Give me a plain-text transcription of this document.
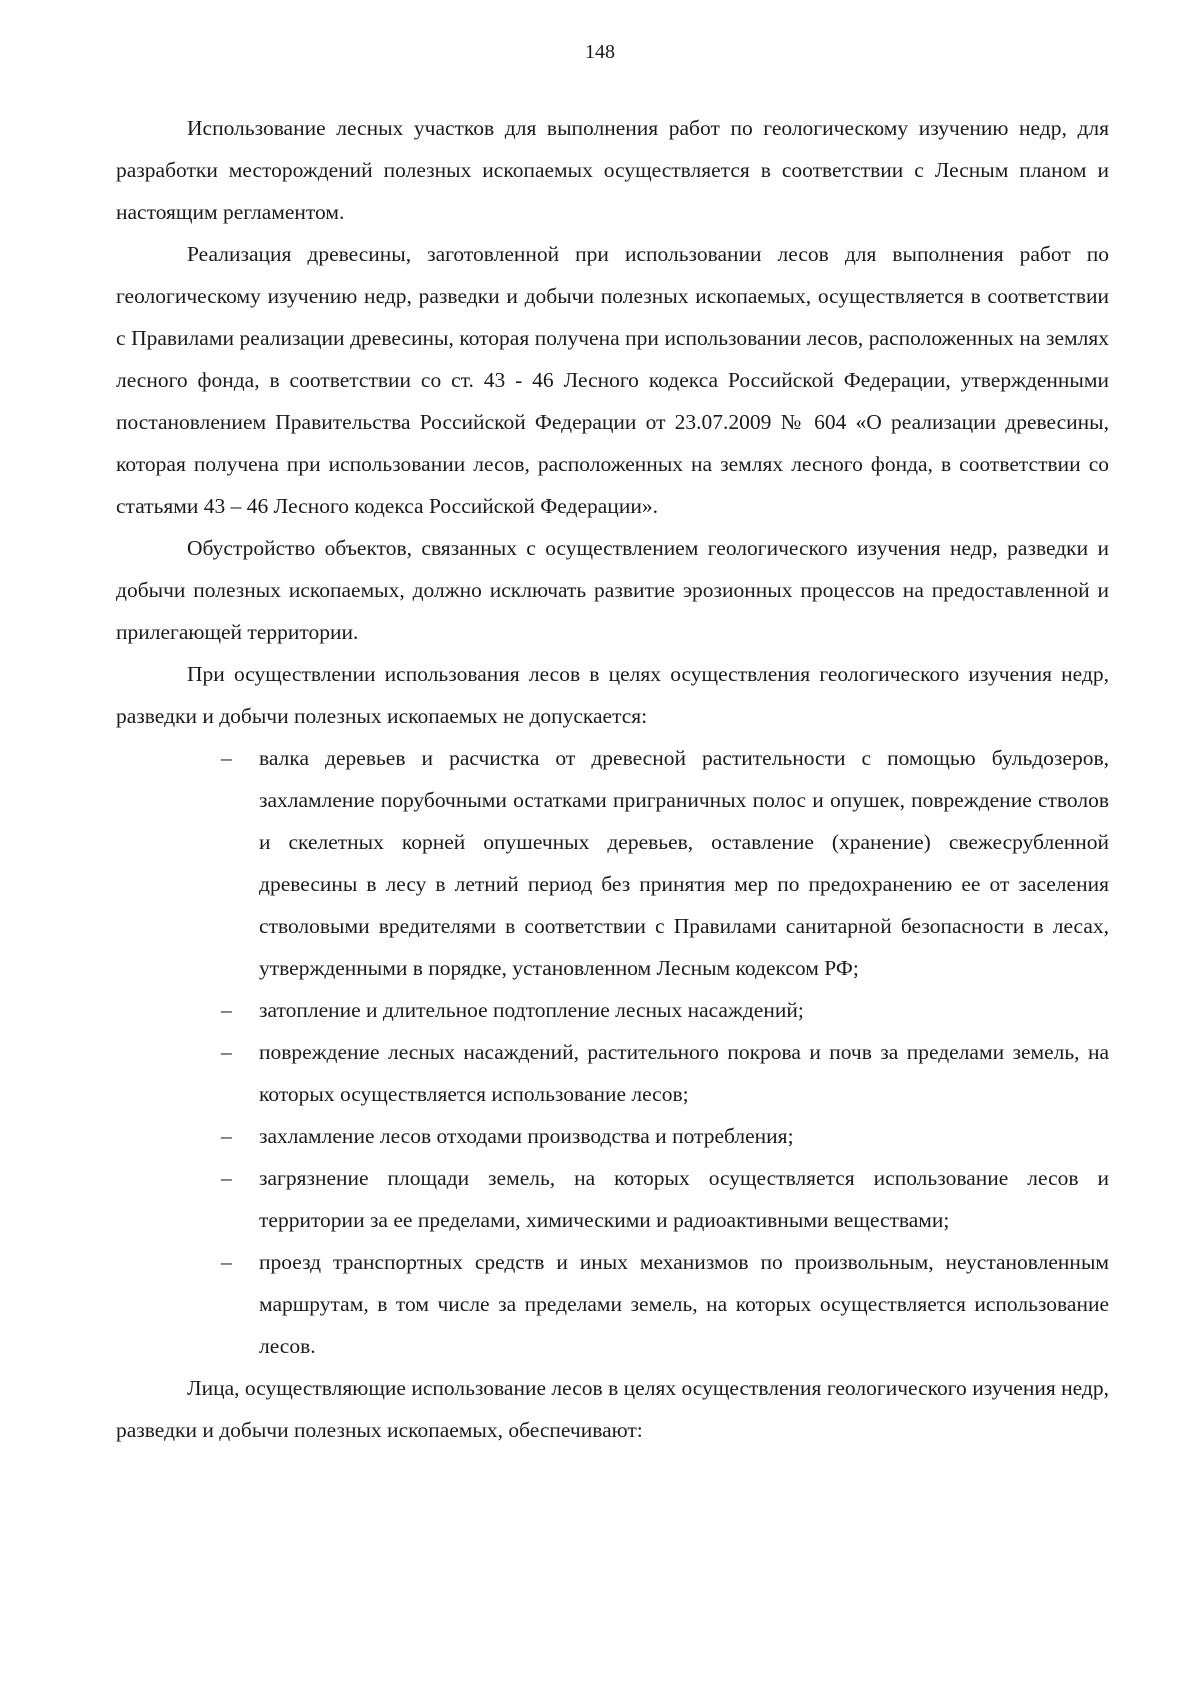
148

Использование лесных участков для выполнения работ по геологическому изучению недр, для разработки месторождений полезных ископаемых осуществляется в соответствии с Лесным планом и настоящим регламентом.

Реализация древесины, заготовленной при использовании лесов для выполнения работ по геологическому изучению недр, разведки и добычи полезных ископаемых, осуществляется в соответствии с Правилами реализации древесины, которая получена при использовании лесов, расположенных на землях лесного фонда, в соответствии со ст. 43 - 46 Лесного кодекса Российской Федерации, утвержденными постановлением Правительства Российской Федерации от 23.07.2009 № 604 «О реализации древесины, которая получена при использовании лесов, расположенных на землях лесного фонда, в соответствии со статьями 43 – 46 Лесного кодекса Российской Федерации».

Обустройство объектов, связанных с осуществлением геологического изучения недр, разведки и добычи полезных ископаемых, должно исключать развитие эрозионных процессов на предоставленной и прилегающей территории.

При осуществлении использования лесов в целях осуществления геологического изучения недр, разведки и добычи полезных ископаемых не допускается:

– валка деревьев и расчистка от древесной растительности с помощью бульдозеров, захламление порубочными остатками приграничных полос и опушек, повреждение стволов и скелетных корней опушечных деревьев, оставление (хранение) свежесрубленной древесины в лесу в летний период без принятия мер по предохранению ее от заселения стволовыми вредителями в соответствии с Правилами санитарной безопасности в лесах, утвержденными в порядке, установленном Лесным кодексом РФ;
– затопление и длительное подтопление лесных насаждений;
– повреждение лесных насаждений, растительного покрова и почв за пределами земель, на которых осуществляется использование лесов;
– захламление лесов отходами производства и потребления;
– загрязнение площади земель, на которых осуществляется использование лесов и территории за ее пределами, химическими и радиоактивными веществами;
– проезд транспортных средств и иных механизмов по произвольным, неустановленным маршрутам, в том числе за пределами земель, на которых осуществляется использование лесов.

Лица, осуществляющие использование лесов в целях осуществления геологического изучения недр, разведки и добычи полезных ископаемых, обеспечивают:
